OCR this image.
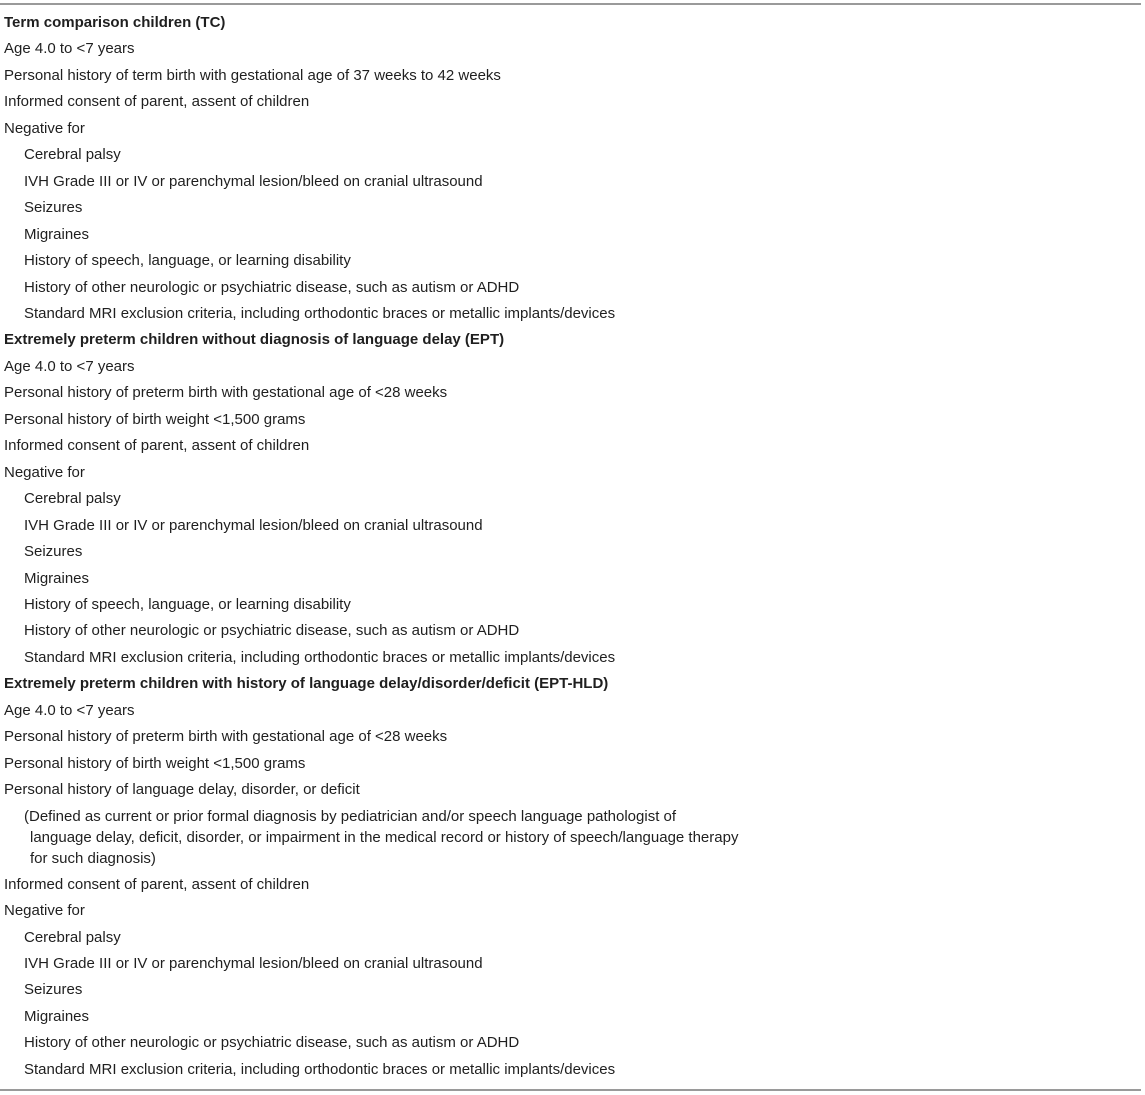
Term comparison children (TC)
Age 4.0 to <7 years
Personal history of term birth with gestational age of 37 weeks to 42 weeks
Informed consent of parent, assent of children
Negative for
Cerebral palsy
IVH Grade III or IV or parenchymal lesion/bleed on cranial ultrasound
Seizures
Migraines
History of speech, language, or learning disability
History of other neurologic or psychiatric disease, such as autism or ADHD
Standard MRI exclusion criteria, including orthodontic braces or metallic implants/devices
Extremely preterm children without diagnosis of language delay (EPT)
Age 4.0 to <7 years
Personal history of preterm birth with gestational age of <28 weeks
Personal history of birth weight <1,500 grams
Informed consent of parent, assent of children
Negative for
Cerebral palsy
IVH Grade III or IV or parenchymal lesion/bleed on cranial ultrasound
Seizures
Migraines
History of speech, language, or learning disability
History of other neurologic or psychiatric disease, such as autism or ADHD
Standard MRI exclusion criteria, including orthodontic braces or metallic implants/devices
Extremely preterm children with history of language delay/disorder/deficit (EPT-HLD)
Age 4.0 to <7 years
Personal history of preterm birth with gestational age of <28 weeks
Personal history of birth weight <1,500 grams
Personal history of language delay, disorder, or deficit
(Defined as current or prior formal diagnosis by pediatrician and/or speech language pathologist of
language delay, deficit, disorder, or impairment in the medical record or history of speech/language therapy
for such diagnosis)
Informed consent of parent, assent of children
Negative for
Cerebral palsy
IVH Grade III or IV or parenchymal lesion/bleed on cranial ultrasound
Seizures
Migraines
History of other neurologic or psychiatric disease, such as autism or ADHD
Standard MRI exclusion criteria, including orthodontic braces or metallic implants/devices
